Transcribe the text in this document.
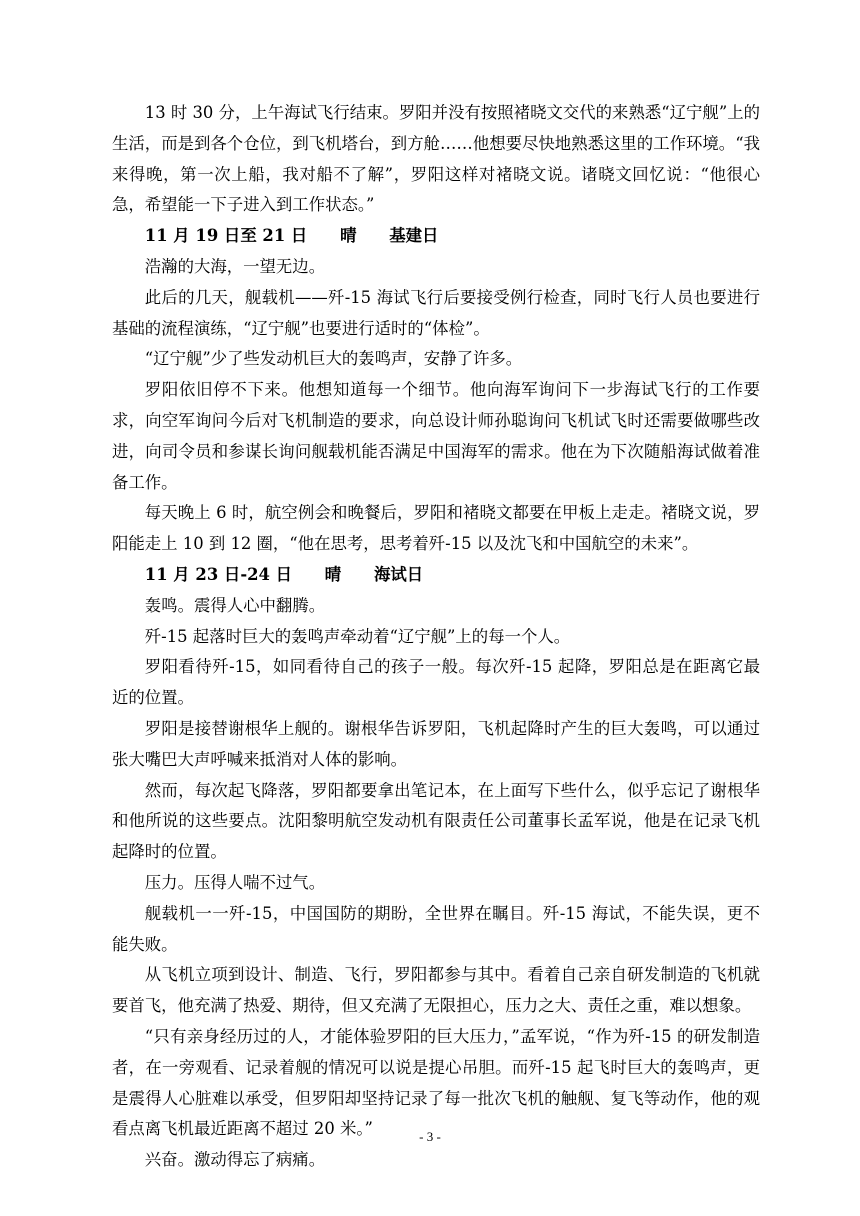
13 时 30 分，上午海试飞行结束。罗阳并没有按照褚晓文交代的来熟悉“辽宁舰”上的生活，而是到各个仓位，到飞机塔台，到方舱……他想要尽快地熟悉这里的工作环境。“我来得晚，第一次上船，我对船不了解”，罗阳这样对褚晓文说。诸晓文回忆说：“他很心急，希望能一下子进入到工作状态。”

11 月 19 日至 21 日　　晴　　基建日

浩瀚的大海，一望无边。

此后的几天，舰载机——歼-15 海试飞行后要接受例行检查，同时飞行人员也要进行基础的流程演练，“辽宁舰”也要进行适时的“体检”。

“辽宁舰”少了些发动机巨大的轰鸣声，安静了许多。

罗阳依旧停不下来。他想知道每一个细节。他向海军询问下一步海试飞行的工作要求，向空军询问今后对飞机制造的要求，向总设计师孙聪询问飞机试飞时还需要做哪些改进，向司令员和参谋长询问舰载机能否满足中国海军的需求。他在为下次随船海试做着准备工作。

每天晚上 6 时，航空例会和晚餐后，罗阳和褚晓文都要在甲板上走走。褚晓文说，罗阳能走上 10 到 12 圈，“他在思考，思考着歼-15 以及沈飞和中国航空的未来”。

11 月 23 日-24 日　　晴　　海试日

轰鸣。震得人心中翻腾。

歼-15 起落时巨大的轰鸣声牵动着“辽宁舰”上的每一个人。

罗阳看待歼-15，如同看待自己的孩子一般。每次歼-15 起降，罗阳总是在距离它最近的位置。

罗阳是接替谢根华上舰的。谢根华告诉罗阳，飞机起降时产生的巨大轰鸣，可以通过张大嘴巴大声呼喊来抵消对人体的影响。

然而，每次起飞降落，罗阳都要拿出笔记本，在上面写下些什么，似乎忘记了谢根华和他所说的这些要点。沈阳黎明航空发动机有限责任公司董事长孟军说，他是在记录飞机起降时的位置。

压力。压得人喘不过气。

舰载机一一歼-15，中国国防的期盼，全世界在瞩目。歼-15 海试，不能失误，更不能失败。

从飞机立项到设计、制造、飞行，罗阳都参与其中。看着自己亲自研发制造的飞机就要首飞，他充满了热爱、期待，但又充满了无限担心，压力之大、责任之重，难以想象。

“只有亲身经历过的人，才能体验罗阳的巨大压力，”孟军说，“作为歼-15 的研发制造者，在一旁观看、记录着舰的情况可以说是提心吊胆。而歼-15 起飞时巨大的轰鸣声，更是震得人心脏难以承受，但罗阳却坚持记录了每一批次飞机的触舰、复飞等动作，他的观看点离飞机最近距离不超过 20 米。”

兴奋。激动得忘了病痛。

- 3 -
